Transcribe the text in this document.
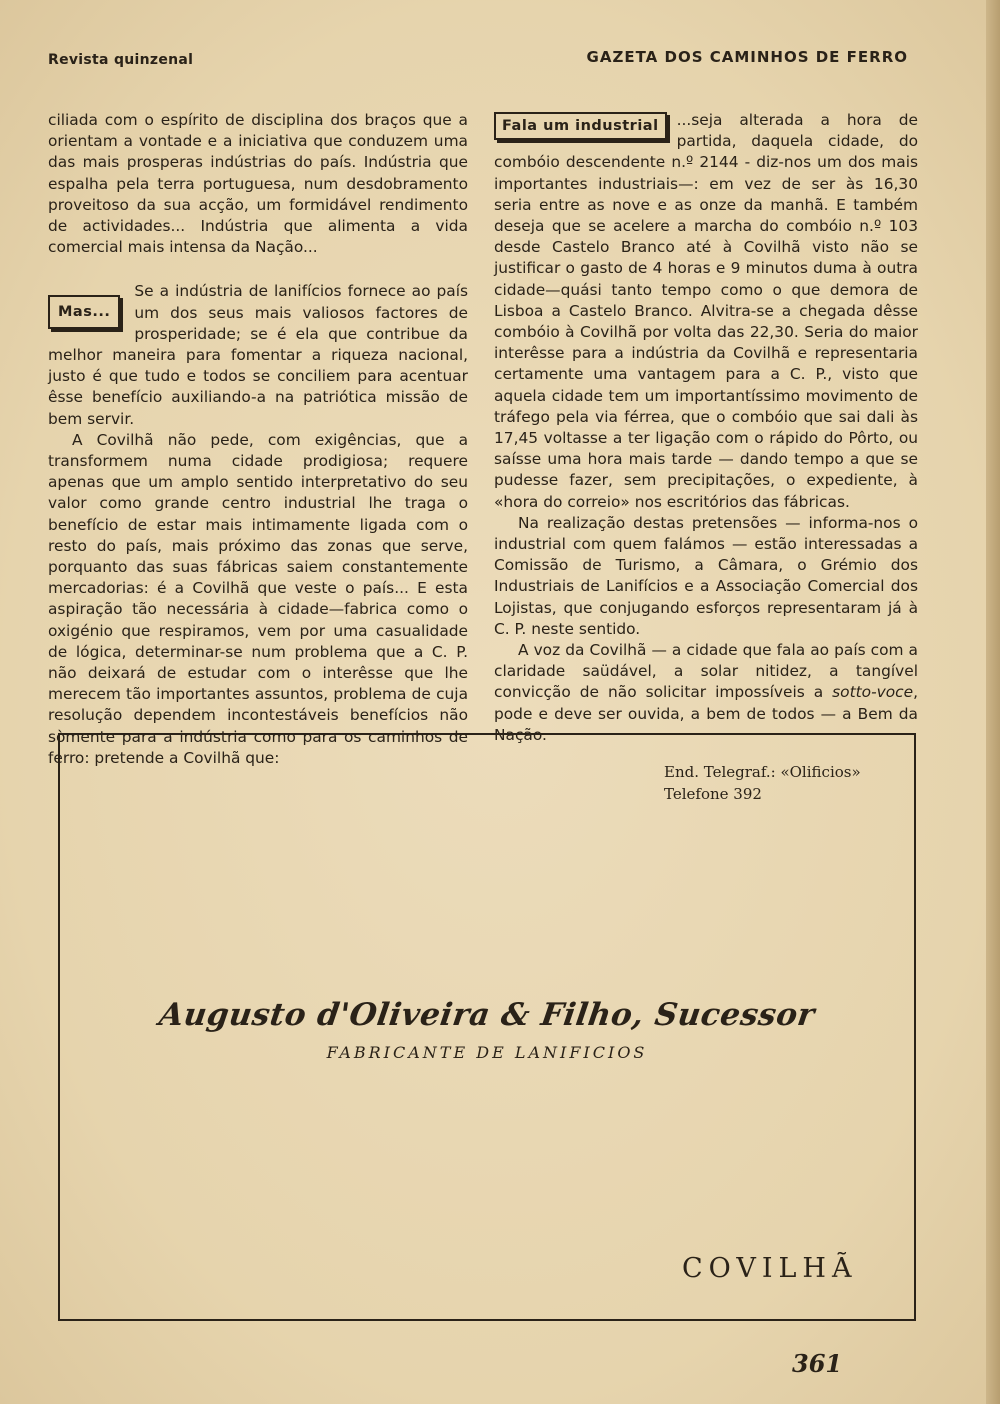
Revista quinzenal	GAZETA DOS CAMINHOS DE FERRO

ciliada com o espírito de disciplina dos braços que a orientam a vontade e a iniciativa que conduzem uma das mais prosperas indústrias do país. Indústria que espalha pela terra portuguesa, num desdobramento proveitoso da sua acção, um formidável rendimento de actividades... Indústria que alimenta a vida comercial mais intensa da Nação...

Mas...
Se a indústria de lanifícios fornece ao país um dos seus mais valiosos factores de prosperidade; se é ela que contribue da melhor maneira para fomentar a riqueza nacional, justo é que tudo e todos se conciliem para acentuar êsse benefício auxiliando-a na patriótica missão de bem servir.

A Covilhã não pede, com exigências, que a transformem numa cidade prodigiosa; requere apenas que um amplo sentido interpretativo do seu valor como grande centro industrial lhe traga o benefício de estar mais intimamente ligada com o resto do país, mais próximo das zonas que serve, porquanto das suas fábricas saiem constantemente mercadorias: é a Covilhã que veste o país... E esta aspiração tão necessária à cidade—fabrica como o oxigénio que respiramos, vem por uma casualidade de lógica, determinar-se num problema que a C. P. não deixará de estudar com o interêsse que lhe merecem tão importantes assuntos, problema de cuja resolução dependem incontestáveis benefícios não sòmente para a indústria como para os caminhos de ferro: pretende a Covilhã que:

Fala um industrial	...seja alterada a hora de partida, daquela cidade, do combóio descendente n.º 2144 - diz-nos um dos mais importantes industriais—: em vez de ser às 16,30 seria entre as nove e as onze da manhã. E também deseja que se acelere a marcha do combóio n.º 103 desde Castelo Branco até à Covilhã visto não se justificar o gasto de 4 horas e 9 minutos duma à outra cidade—quási tanto tempo como o que demora de Lisboa a Castelo Branco. Alvitra-se a chegada dêsse combóio à Covilhã por volta das 22,30. Seria do maior interêsse para a indústria da Covilhã e representaria certamente uma vantagem para a C. P., visto que aquela cidade tem um importantíssimo movimento de tráfego pela via férrea, que o combóio que sai dali às 17,45 voltasse a ter ligação com o rápido do Pôrto, ou saísse uma hora mais tarde — dando tempo a que se pudesse fazer, sem precipitações, o expediente, à «hora do correio» nos escritórios das fábricas.

Na realização destas pretensões — informa-nos o industrial com quem falámos — estão interessadas a Comissão de Turismo, a Câmara, o Grémio dos Industriais de Lanifícios e a Associação Comercial dos Lojistas, que conjugando esforços representaram já à C. P. neste sentido.

A voz da Covilhã — a cidade que fala ao país com a claridade saüdável, a solar nitidez, a tangível convicção de não solicitar impossíveis a sotto-voce, pode e deve ser ouvida, a bem de todos — a Bem da Nação.

End. Telegraf.: «Olificios»
Telefone 392
Augusto d'Oliveira & Filho, Sucessor
FABRICANTE DE LANIFICIOS
COVILHÃ
361
